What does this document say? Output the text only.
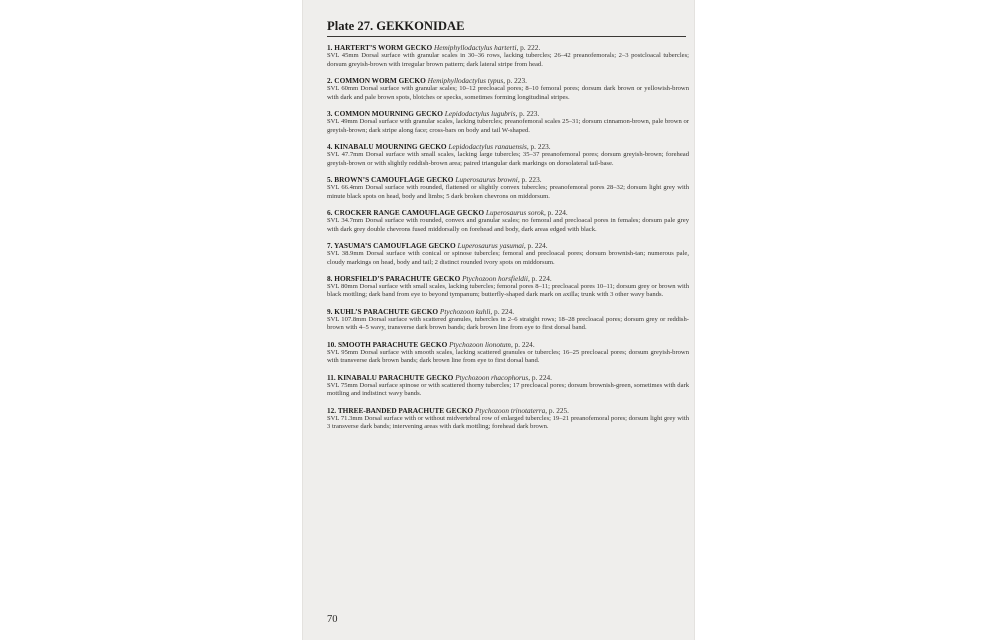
Plate 27. GEKKONIDAE
1. HARTERT’S WORM GECKO Hemiphyllodactylus harterti, p. 222.
SVL 45mm Dorsal surface with granular scales in 30–36 rows, lacking tubercles; 26–42 preanofemorals; 2–3 postcloacal tubercles; dorsum greyish-brown with irregular brown pattern; dark lateral stripe from head.
2. COMMON WORM GECKO Hemiphyllodactylus typus, p. 223.
SVL 60mm Dorsal surface with granular scales; 10–12 precloacal pores; 8–10 femoral pores; dorsum dark brown or yellowish-brown with dark and pale brown spots, blotches or specks, sometimes forming longitudinal stripes.
3. COMMON MOURNING GECKO Lepidodactylus lugubris, p. 223.
SVL 49mm Dorsal surface with granular scales, lacking tubercles; preanofemoral scales 25–31; dorsum cinnamon-brown, pale brown or greyish-brown; dark stripe along face; cross-bars on body and tail W-shaped.
4. KINABALU MOURNING GECKO Lepidodactylus ranauensis, p. 223.
SVL 47.7mm Dorsal surface with small scales, lacking large tubercles; 35–37 preanofemoral pores; dorsum greyish-brown; forehead greyish-brown or with slightly reddish-brown area; paired triangular dark markings on dorsolateral tail-base.
5. BROWN’S CAMOUFLAGE GECKO Luperosaurus browni, p. 223.
SVL 66.4mm Dorsal surface with rounded, flattened or slightly convex tubercles; preanofemoral pores 28–32; dorsum light grey with minute black spots on head, body and limbs; 5 dark broken chevrons on middorsum.
6. CROCKER RANGE CAMOUFLAGE GECKO Luperosaurus sorok, p. 224.
SVL 34.7mm Dorsal surface with rounded, convex and granular scales; no femoral and precloacal pores in females; dorsum pale grey with dark grey double chevrons fused middorsally on forehead and body, dark areas edged with black.
7. YASUMA’S CAMOUFLAGE GECKO Luperosaurus yasumai, p. 224.
SVL 38.9mm Dorsal surface with conical or spinose tubercles; femoral and precloacal pores; dorsum brownish-tan; numerous pale, cloudy markings on head, body and tail; 2 distinct rounded ivory spots on middorsum.
8. HORSFIELD’S PARACHUTE GECKO Ptychozoon horsfieldii, p. 224.
SVL 80mm Dorsal surface with small scales, lacking tubercles; femoral pores 8–11; precloacal pores 10–11; dorsum grey or brown with black mottling; dark band from eye to beyond tympanum; butterfly-shaped dark mark on axilla; trunk with 3 other wavy bands.
9. KUHL’S PARACHUTE GECKO Ptychozoon kuhli, p. 224.
SVL 107.8mm Dorsal surface with scattered granules, tubercles in 2–6 straight rows; 18–28 precloacal pores; dorsum grey or reddish-brown with 4–5 wavy, transverse dark brown bands; dark brown line from eye to first dorsal band.
10. SMOOTH PARACHUTE GECKO Ptychozoon lionotum, p. 224.
SVL 95mm Dorsal surface with smooth scales, lacking scattered granules or tubercles; 16–25 precloacal pores; dorsum greyish-brown with transverse dark brown bands; dark brown line from eye to first dorsal band.
11. KINABALU PARACHUTE GECKO Ptychozoon rhacophorus, p. 224.
SVL 75mm Dorsal surface spinose or with scattered thorny tubercles; 17 precloacal pores; dorsum brownish-green, sometimes with dark mottling and indistinct wavy bands.
12. THREE-BANDED PARACHUTE GECKO Ptychozoon trinotaterra, p. 225.
SVL 71.3mm Dorsal surface with or without midvertebral row of enlarged tubercles; 19–21 preanofemoral pores; dorsum light grey with 3 transverse dark bands; intervening areas with dark mottling; forehead dark brown.
70
